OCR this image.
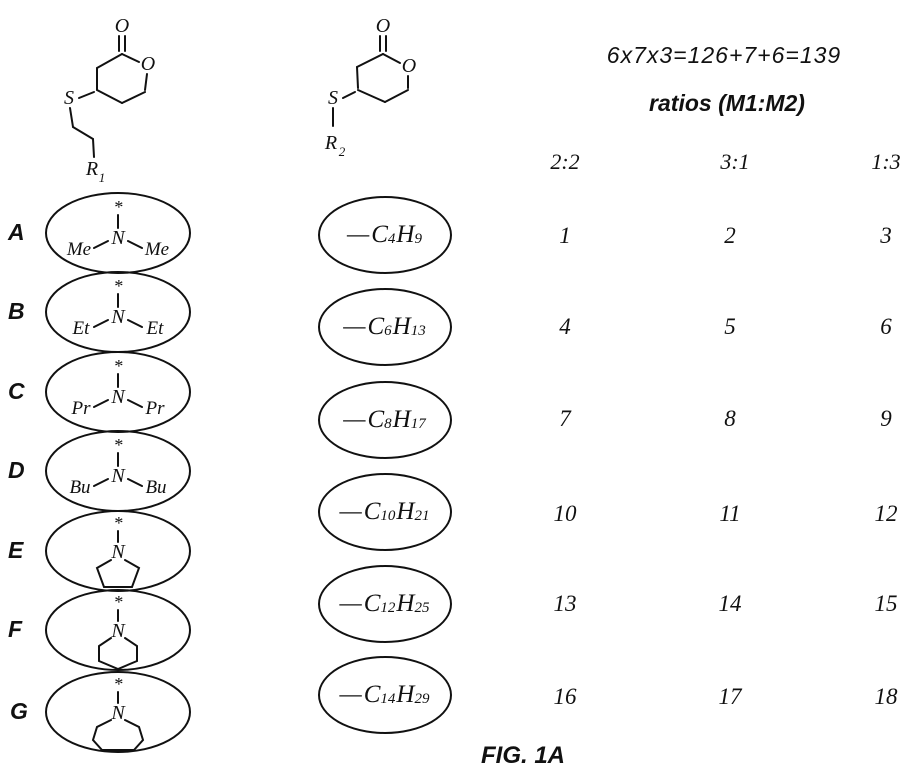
O
O
S
R 1
O
O
S
R 2
6x7x3=126+7+6=139
ratios (M1:M2)
2:2	3:1	1:3
A
*
N
Me	Me
B
*
N
Et	Et
C
*
N
Pr	Pr
D
*
N
Bu	Bu
E
*
N
F
*
N
G
*
N
— $C_4$ $H_9$
— $C_6$ $H_{13}$
— $C_8$ $H_{17}$
— $C_{10}$ $H_{21}$
— $C_{12}$ $H_{25}$
— $C_{14}$ $H_{29}$
1	2	3
4	5	6
7	8	9
10	11	12
13	14	15
16	17	18
FIG. 1A
